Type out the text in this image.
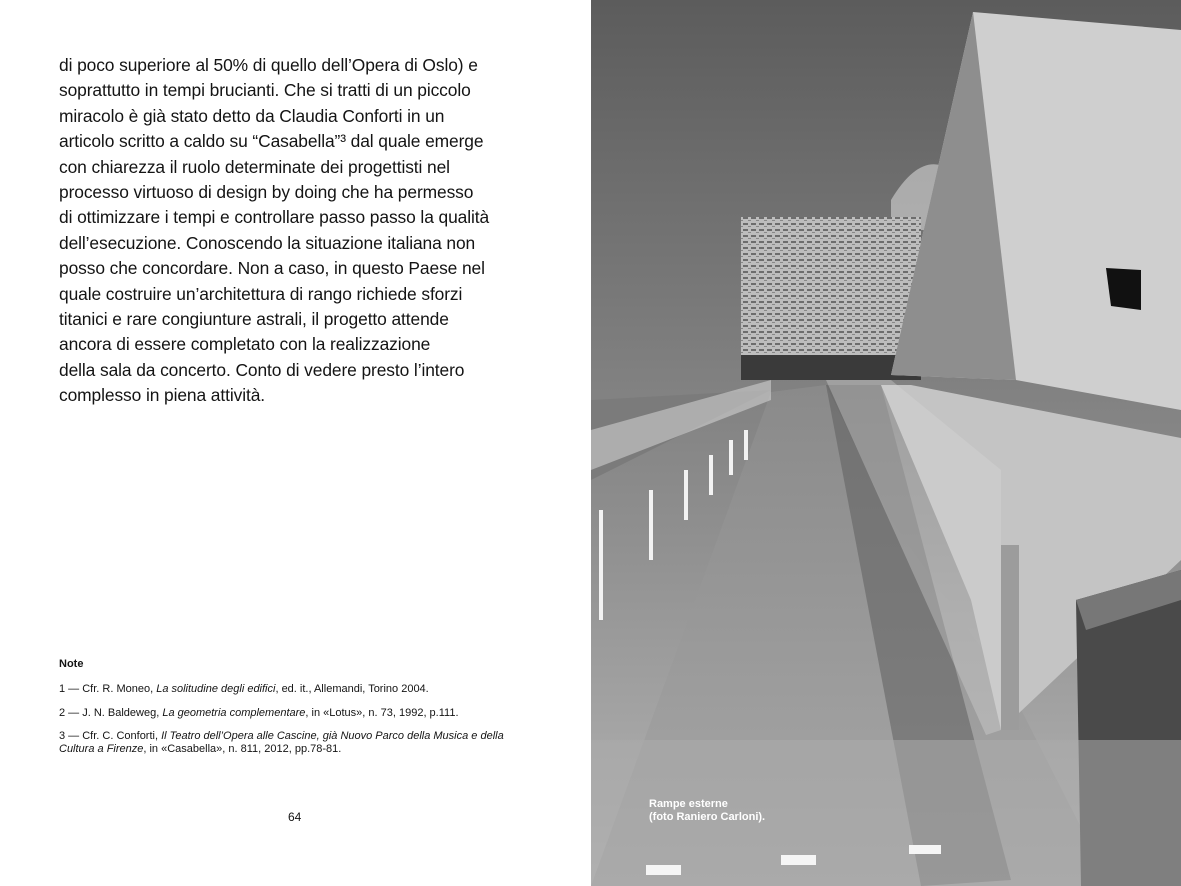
di poco superiore al 50% di quello dell’Opera di Oslo) e
soprattutto in tempi brucianti. Che si tratti di un piccolo
miracolo è già stato detto da Claudia Conforti in un
articolo scritto a caldo su “Casabella”³ dal quale emerge
con chiarezza il ruolo determinate dei progettisti nel
processo virtuoso di design by doing che ha permesso
di ottimizzare i tempi e controllare passo passo la qualità
dell’esecuzione. Conoscendo la situazione italiana non
posso che concordare. Non a caso, in questo Paese nel
quale costruire un’architettura di rango richiede sforzi
titanici e rare congiunture astrali, il progetto attende
ancora di essere completato con la realizzazione
della sala da concerto. Conto di vedere presto l’intero
complesso in piena attività.

Note
1 — Cfr. R. Moneo, La solitudine degli edifici, ed. it., Allemandi, Torino 2004.
2 — J. N. Baldeweg, La geometria complementare, in «Lotus», n. 73, 1992, p.111.
3 — Cfr. C. Conforti, Il Teatro dell’Opera alle Cascine, già Nuovo Parco della Musica e della Cultura a Firenze, in «Casabella», n. 811, 2012, pp.78-81.
64
Rampe esterne
(foto Raniero Carloni).
